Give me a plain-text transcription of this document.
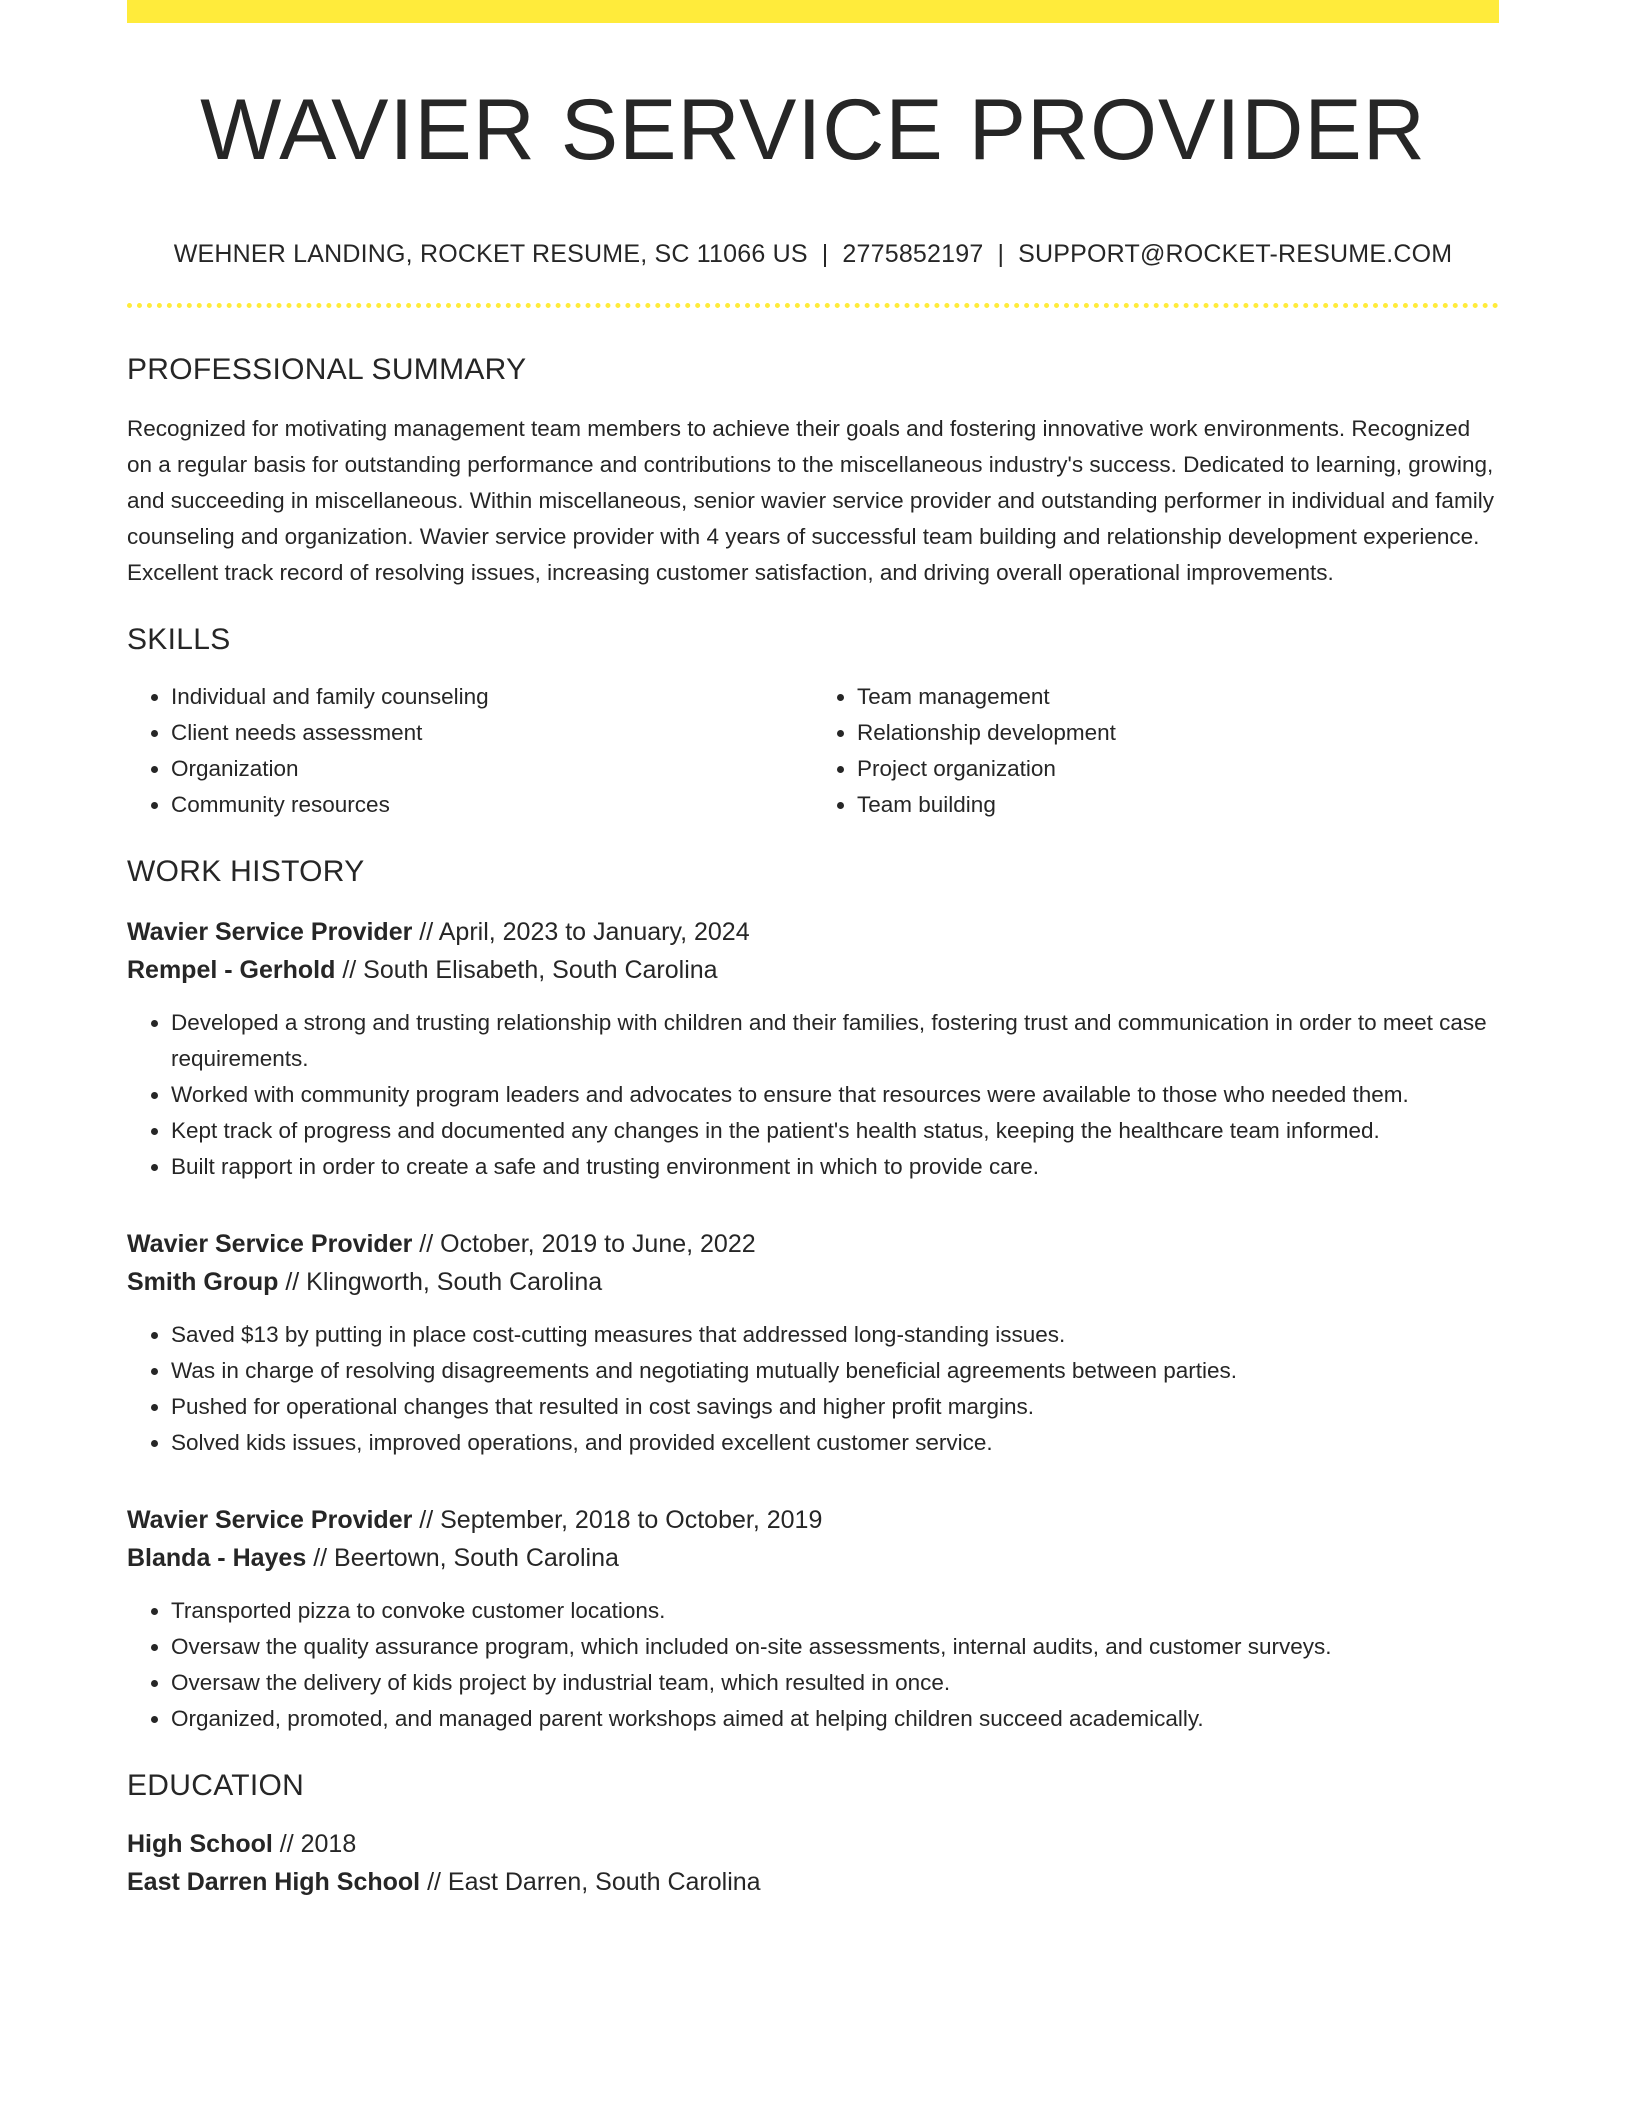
WAVIER SERVICE PROVIDER
WEHNER LANDING, ROCKET RESUME, SC 11066 US | 2775852197 | SUPPORT@ROCKET-RESUME.COM
PROFESSIONAL SUMMARY

Recognized for motivating management team members to achieve their goals and fostering innovative work environments. Recognized on a regular basis for outstanding performance and contributions to the miscellaneous industry's success. Dedicated to learning, growing, and succeeding in miscellaneous. Within miscellaneous, senior wavier service provider and outstanding performer in individual and family counseling and organization. Wavier service provider with 4 years of successful team building and relationship development experience. Excellent track record of resolving issues, increasing customer satisfaction, and driving overall operational improvements.

SKILLS
• Individual and family counseling
• Client needs assessment
• Organization
• Community resources
• Team management
• Relationship development
• Project organization
• Team building
WORK HISTORY
Wavier Service Provider // April, 2023 to January, 2024
Rempel - Gerhold // South Elisabeth, South Carolina
• Developed a strong and trusting relationship with children and their families, fostering trust and communication in order to meet case requirements.
• Worked with community program leaders and advocates to ensure that resources were available to those who needed them.
• Kept track of progress and documented any changes in the patient's health status, keeping the healthcare team informed.
• Built rapport in order to create a safe and trusting environment in which to provide care.
Wavier Service Provider // October, 2019 to June, 2022
Smith Group // Klingworth, South Carolina
• Saved $13 by putting in place cost-cutting measures that addressed long-standing issues.
• Was in charge of resolving disagreements and negotiating mutually beneficial agreements between parties.
• Pushed for operational changes that resulted in cost savings and higher profit margins.
• Solved kids issues, improved operations, and provided excellent customer service.
Wavier Service Provider // September, 2018 to October, 2019
Blanda - Hayes // Beertown, South Carolina
• Transported pizza to convoke customer locations.
• Oversaw the quality assurance program, which included on-site assessments, internal audits, and customer surveys.
• Oversaw the delivery of kids project by industrial team, which resulted in once.
• Organized, promoted, and managed parent workshops aimed at helping children succeed academically.
EDUCATION
High School // 2018
East Darren High School // East Darren, South Carolina
